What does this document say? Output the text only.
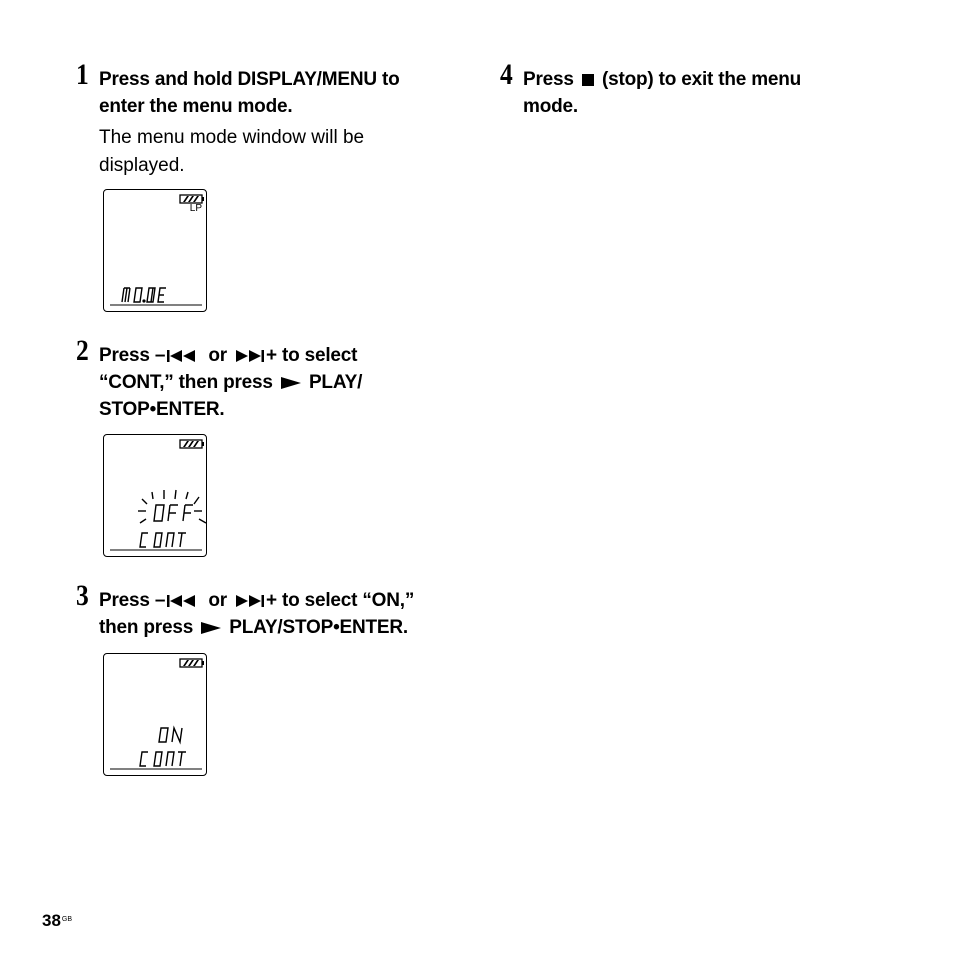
1 Press and hold DISPLAY/MENU to
enter the menu mode.
The menu mode window will be
displayed.
LP
2 Press – or + to select
“CONT,” then press PLAY/
STOP•ENTER.
3 Press – or + to select “ON,”
then press PLAY/STOP•ENTER.
4 Press (stop) to exit the menu
mode.
$38^{GB}$
